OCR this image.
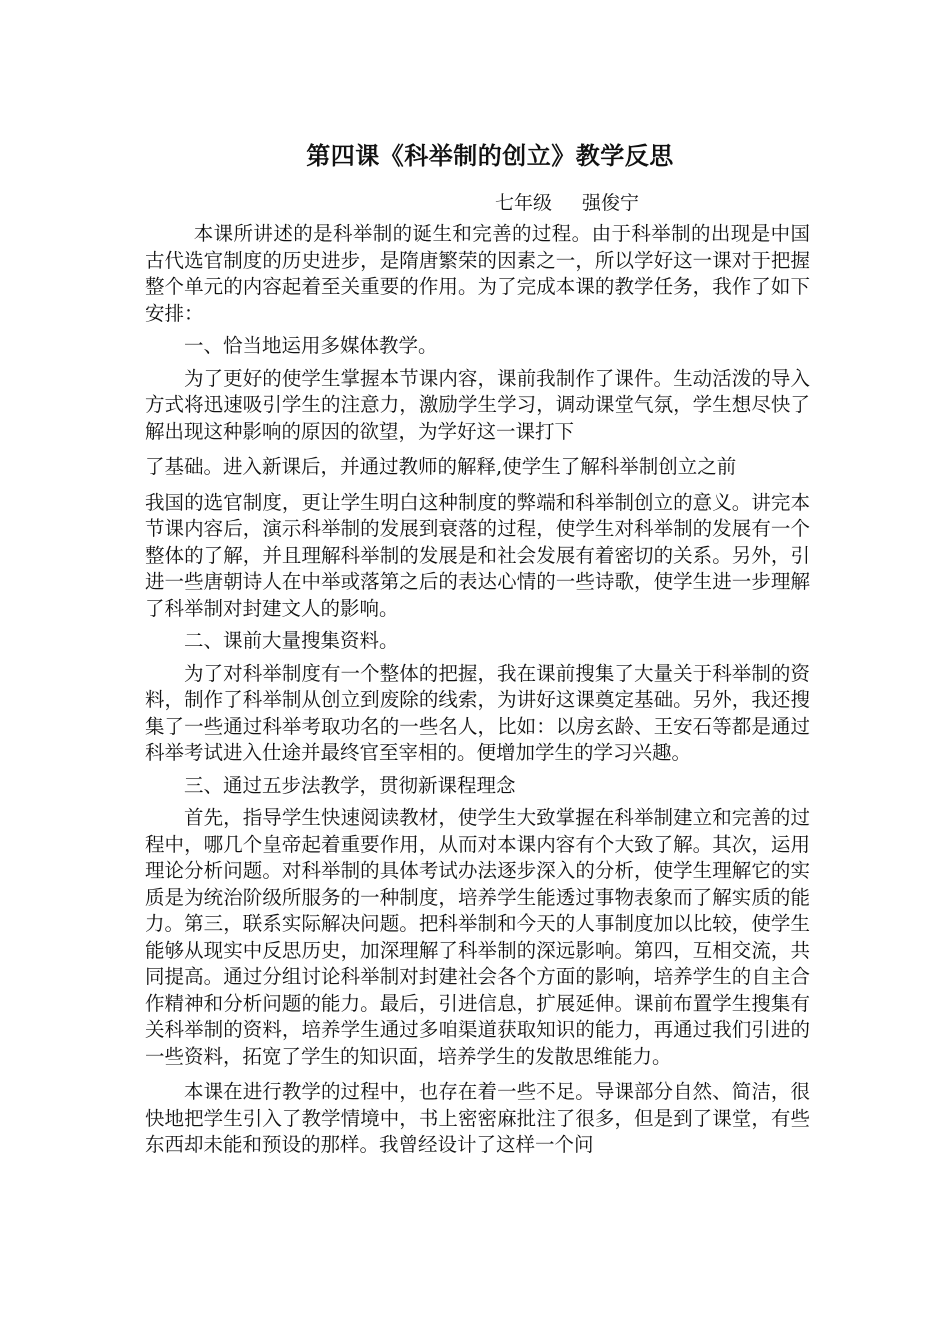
第四课《科举制的创立》教学反思

七年级 强俊宁

本课所讲述的是科举制的诞生和完善的过程。由于科举制的出现是中国古代选官制度的历史进步，是隋唐繁荣的因素之一，所以学好这一课对于把握整个单元的内容起着至关重要的作用。为了完成本课的教学任务，我作了如下安排：

一、恰当地运用多媒体教学。

为了更好的使学生掌握本节课内容，课前我制作了课件。生动活泼的导入方式将迅速吸引学生的注意力，激励学生学习，调动课堂气氛，学生想尽快了解出现这种影响的原因的欲望，为学好这一课打下

了基础。进入新课后，并通过教师的解释,使学生了解科举制创立之前

我国的选官制度，更让学生明白这种制度的弊端和科举制创立的意义。讲完本节课内容后，演示科举制的发展到衰落的过程，使学生对科举制的发展有一个整体的了解，并且理解科举制的发展是和社会发展有着密切的关系。另外，引进一些唐朝诗人在中举或落第之后的表达心情的一些诗歌，使学生进一步理解了科举制对封建文人的影响。

二、课前大量搜集资料。

为了对科举制度有一个整体的把握，我在课前搜集了大量关于科举制的资料，制作了科举制从创立到废除的线索，为讲好这课奠定基础。另外，我还搜集了一些通过科举考取功名的一些名人，比如：以房玄龄、王安石等都是通过科举考试进入仕途并最终官至宰相的。便增加学生的学习兴趣。

三、通过五步法教学，贯彻新课程理念

首先，指导学生快速阅读教材，使学生大致掌握在科举制建立和完善的过程中，哪几个皇帝起着重要作用，从而对本课内容有个大致了解。其次，运用理论分析问题。对科举制的具体考试办法逐步深入的分析，使学生理解它的实质是为统治阶级所服务的一种制度，培养学生能透过事物表象而了解实质的能力。第三，联系实际解决问题。把科举制和今天的人事制度加以比较，使学生能够从现实中反思历史，加深理解了科举制的深远影响。第四，互相交流，共同提高。通过分组讨论科举制对封建社会各个方面的影响，培养学生的自主合作精神和分析问题的能力。最后，引进信息，扩展延伸。课前布置学生搜集有关科举制的资料，培养学生通过多咱渠道获取知识的能力，再通过我们引进的一些资料，拓宽了学生的知识面，培养学生的发散思维能力。

本课在进行教学的过程中，也存在着一些不足。导课部分自然、简洁，很快地把学生引入了教学情境中，书上密密麻批注了很多，但是到了课堂，有些东西却未能和预设的那样。我曾经设计了这样一个问
